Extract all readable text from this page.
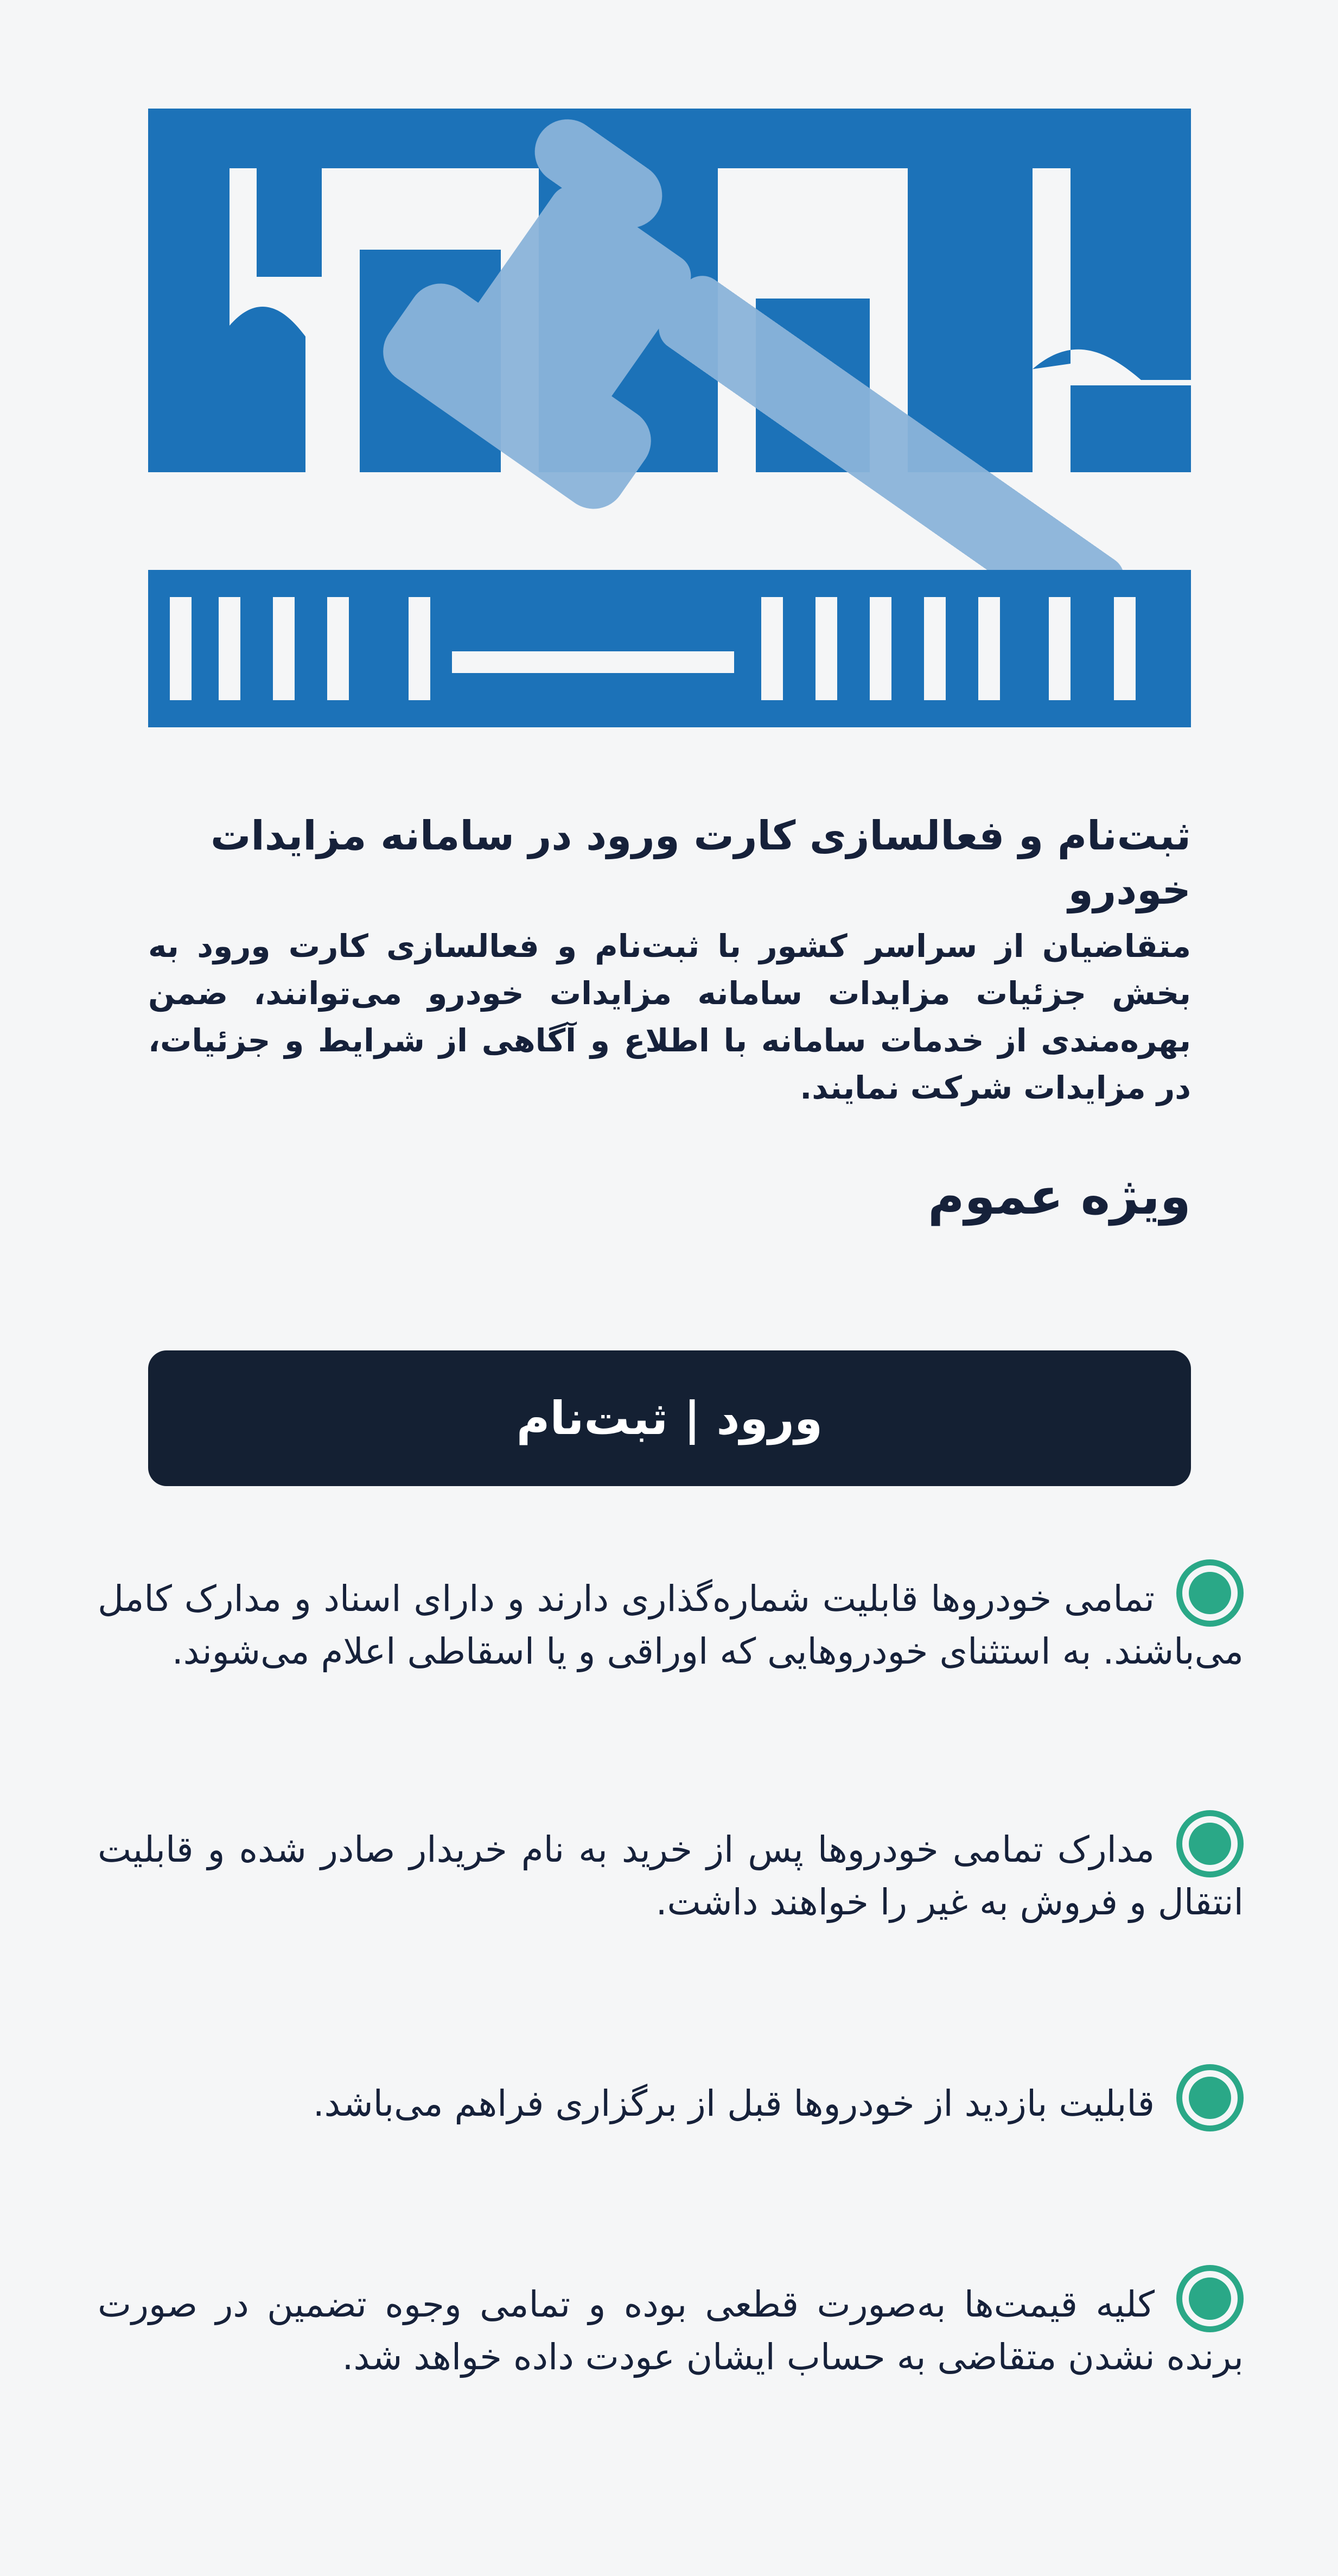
ثبت‌نام و فعالسازی کارت ورود در سامانه مزایدات خودرو

متقاضیان از سراسر کشور با ثبت‌نام و فعالسازی کارت ورود به بخش جزئیات مزایدات سامانه مزایدات خودرو می‌توانند، ضمن بهره‌مندی از خدمات سامانه با اطلاع و آگاهی از شرایط و جزئیات، در مزایدات شرکت نمایند.

ویژه عموم
ورود | ثبت‌نام
تمامی خودروها قابلیت شماره‌گذاری دارند و دارای اسناد و مدارک کامل می‌باشند. به استثنای خودروهایی که اوراقی و یا اسقاطی اعلام می‌شوند.
مدارک تمامی خودروها پس از خرید به نام خریدار صادر شده و قابلیت انتقال و فروش به غیر را خواهند داشت.
قابلیت بازدید از خودروها قبل از برگزاری فراهم می‌باشد.
کلیه قیمت‌ها به‌صورت قطعی بوده و تمامی وجوه تضمین در صورت برنده نشدن متقاضی به حساب ایشان عودت داده خواهد شد.
